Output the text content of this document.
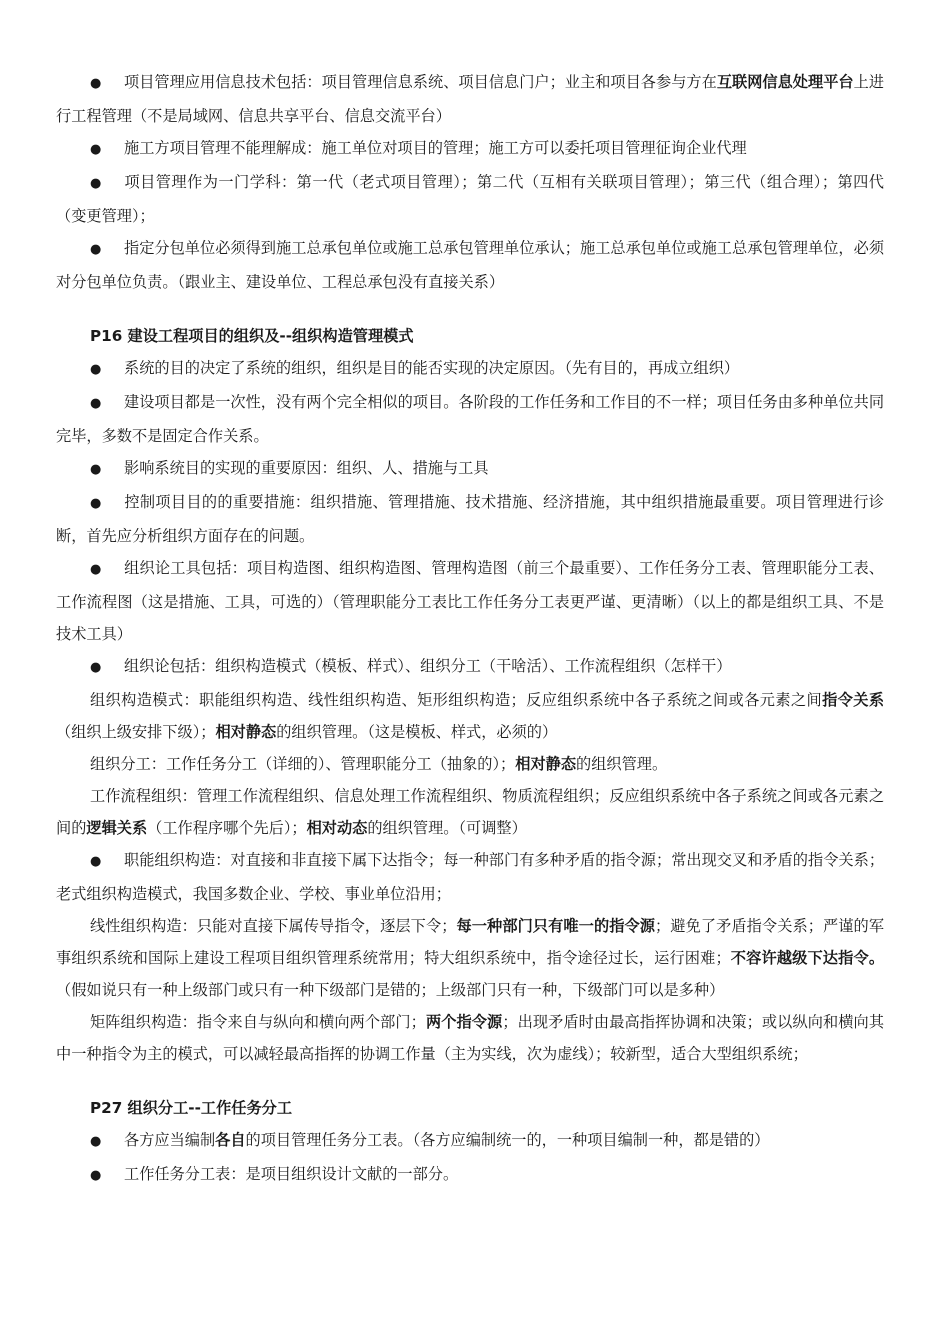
● 项目管理应用信息技术包括：项目管理信息系统、项目信息门户；业主和项目各参与方在互联网信息处理平台上进行工程管理（不是局域网、信息共享平台、信息交流平台）

● 施工方项目管理不能理解成：施工单位对项目的管理；施工方可以委托项目管理征询企业代理

● 项目管理作为一门学科：第一代（老式项目管理）；第二代（互相有关联项目管理）；第三代（组合理）；第四代（变更管理）；

● 指定分包单位必须得到施工总承包单位或施工总承包管理单位承认；施工总承包单位或施工总承包管理单位，必须对分包单位负责。（跟业主、建设单位、工程总承包没有直接关系）

P16 建设工程项目的组织及--组织构造管理模式

● 系统的目的决定了系统的组织，组织是目的能否实现的决定原因。（先有目的，再成立组织）

● 建设项目都是一次性，没有两个完全相似的项目。各阶段的工作任务和工作目的不一样；项目任务由多种单位共同完毕，多数不是固定合作关系。

● 影响系统目的实现的重要原因：组织、人、措施与工具

● 控制项目目的的重要措施：组织措施、管理措施、技术措施、经济措施，其中组织措施最重要。项目管理进行诊断，首先应分析组织方面存在的问题。

● 组织论工具包括：项目构造图、组织构造图、管理构造图（前三个最重要）、工作任务分工表、管理职能分工表、工作流程图（这是措施、工具，可选的）（管理职能分工表比工作任务分工表更严谨、更清晰）（以上的都是组织工具、不是技术工具）

● 组织论包括：组织构造模式（模板、样式）、组织分工（干啥活）、工作流程组织（怎样干）

组织构造模式：职能组织构造、线性组织构造、矩形组织构造；反应组织系统中各子系统之间或各元素之间指令关系（组织上级安排下级）；相对静态的组织管理。（这是模板、样式，必须的）

组织分工：工作任务分工（详细的）、管理职能分工（抽象的）；相对静态的组织管理。

工作流程组织：管理工作流程组织、信息处理工作流程组织、物质流程组织；反应组织系统中各子系统之间或各元素之间的逻辑关系（工作程序哪个先后）；相对动态的组织管理。（可调整）

● 职能组织构造：对直接和非直接下属下达指令；每一种部门有多种矛盾的指令源；常出现交叉和矛盾的指令关系；老式组织构造模式，我国多数企业、学校、事业单位沿用；

线性组织构造：只能对直接下属传导指令，逐层下令；每一种部门只有唯一的指令源；避免了矛盾指令关系；严谨的军事组织系统和国际上建设工程项目组织管理系统常用；特大组织系统中，指令途径过长，运行困难；不容许越级下达指令。（假如说只有一种上级部门或只有一种下级部门是错的；上级部门只有一种，下级部门可以是多种）

矩阵组织构造：指令来自与纵向和横向两个部门；两个指令源；出现矛盾时由最高指挥协调和决策；或以纵向和横向其中一种指令为主的模式，可以减轻最高指挥的协调工作量（主为实线，次为虚线）；较新型，适合大型组织系统；

P27 组织分工--工作任务分工

● 各方应当编制各自的项目管理任务分工表。（各方应编制统一的，一种项目编制一种，都是错的）

● 工作任务分工表：是项目组织设计文献的一部分。
